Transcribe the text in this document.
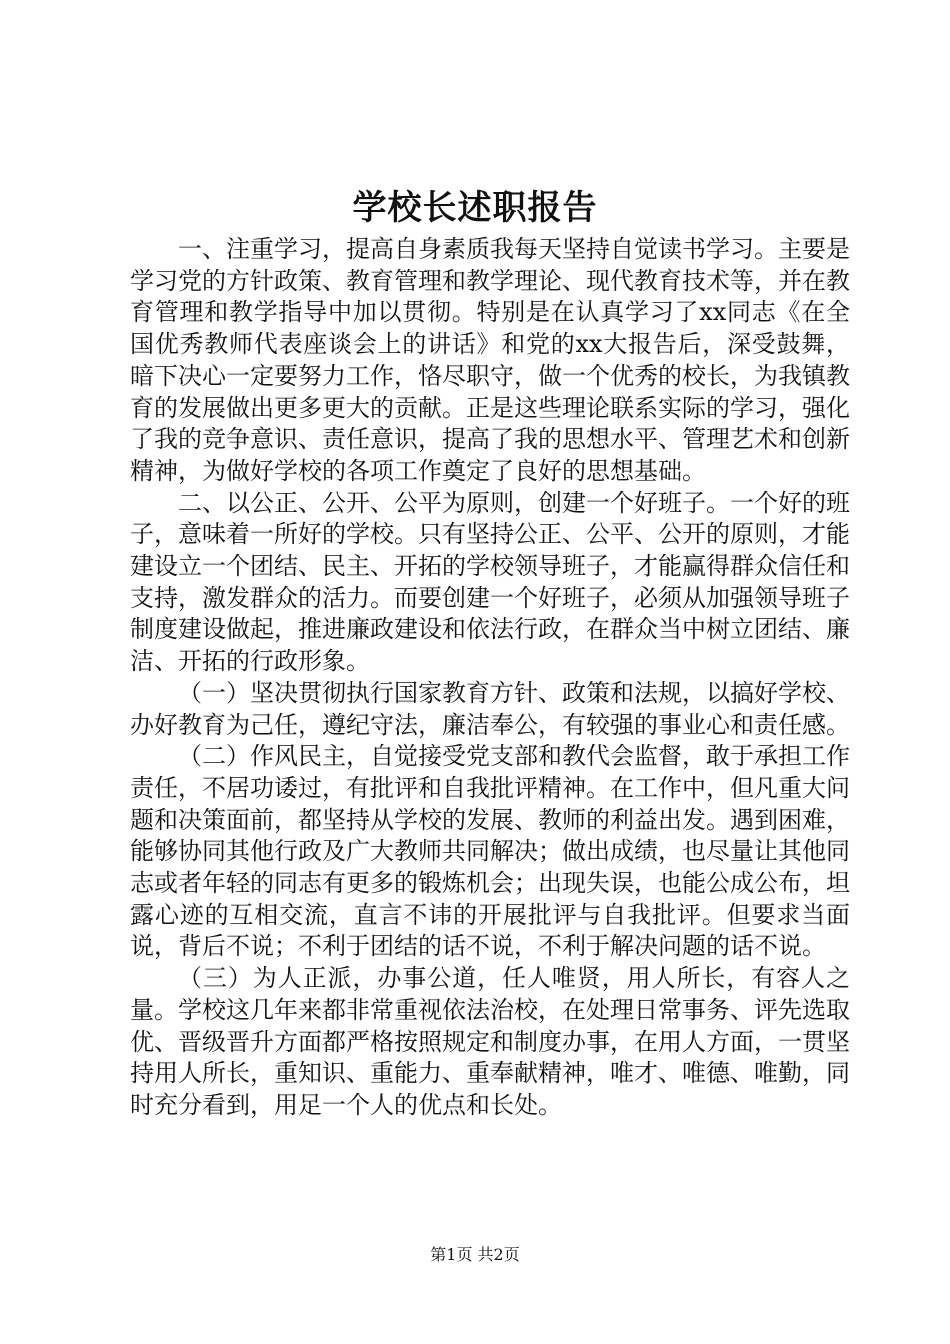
学校长述职报告

一、注重学习，提高自身素质我每天坚持自觉读书学习。主要是学习党的方针政策、教育管理和教学理论、现代教育技术等，并在教育管理和教学指导中加以贯彻。特别是在认真学习了xx同志《在全国优秀教师代表座谈会上的讲话》和党的xx大报告后，深受鼓舞，暗下决心一定要努力工作，恪尽职守，做一个优秀的校长，为我镇教育的发展做出更多更大的贡献。正是这些理论联系实际的学习，强化了我的竞争意识、责任意识，提高了我的思想水平、管理艺术和创新精神，为做好学校的各项工作奠定了良好的思想基础。

二、以公正、公开、公平为原则，创建一个好班子。一个好的班子，意味着一所好的学校。只有坚持公正、公平、公开的原则，才能建设立一个团结、民主、开拓的学校领导班子，才能赢得群众信任和支持，激发群众的活力。而要创建一个好班子，必须从加强领导班子制度建设做起，推进廉政建设和依法行政，在群众当中树立团结、廉洁、开拓的行政形象。

（一）坚决贯彻执行国家教育方针、政策和法规，以搞好学校、办好教育为己任，遵纪守法，廉洁奉公，有较强的事业心和责任感。

（二）作风民主，自觉接受党支部和教代会监督，敢于承担工作责任，不居功诿过，有批评和自我批评精神。在工作中，但凡重大问题和决策面前，都坚持从学校的发展、教师的利益出发。遇到困难，能够协同其他行政及广大教师共同解决；做出成绩，也尽量让其他同志或者年轻的同志有更多的锻炼机会；出现失误，也能公成公布，坦露心迹的互相交流，直言不讳的开展批评与自我批评。但要求当面说，背后不说；不利于团结的话不说，不利于解决问题的话不说。

（三）为人正派，办事公道，任人唯贤，用人所长，有容人之量。学校这几年来都非常重视依法治校，在处理日常事务、评先选取优、晋级晋升方面都严格按照规定和制度办事，在用人方面，一贯坚持用人所长，重知识、重能力、重奉献精神，唯才、唯德、唯勤，同时充分看到，用足一个人的优点和长处。

第1页 共2页
